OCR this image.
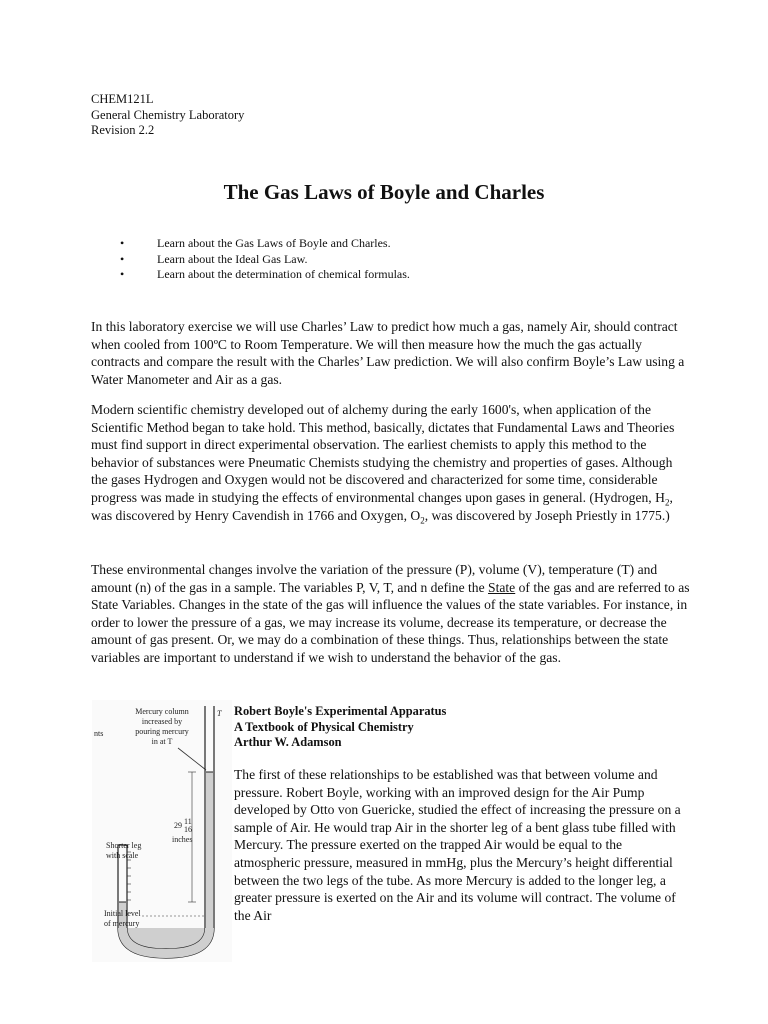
CHEM121L
General Chemistry Laboratory
Revision 2.2
The Gas Laws of Boyle and Charles
•	Learn about the Gas Laws of Boyle and Charles.
•	Learn about the Ideal Gas Law.
•	Learn about the determination of chemical formulas.

In this laboratory exercise we will use Charles’ Law to predict how much a gas, namely Air, should contract when cooled from 100ºC to Room Temperature. We will then measure how the much the gas actually contracts and compare the result with the Charles’ Law prediction. We will also confirm Boyle’s Law using a Water Manometer and Air as a gas.

Modern scientific chemistry developed out of alchemy during the early 1600's, when application of the Scientific Method began to take hold. This method, basically, dictates that Fundamental Laws and Theories must find support in direct experimental observation. The earliest chemists to apply this method to the behavior of substances were Pneumatic Chemists studying the chemistry and properties of gases. Although the gases Hydrogen and Oxygen would not be discovered and characterized for some time, considerable progress was made in studying the effects of environmental changes upon gases in general. (Hydrogen, $H_2$, was discovered by Henry Cavendish in 1766 and Oxygen, $O_2$, was discovered by Joseph Priestly in 1775.)

These environmental changes involve the variation of the pressure (P), volume (V), temperature (T) and amount (n) of the gas in a sample. The variables P, V, T, and n define the State of the gas and are referred to as State Variables. Changes in the state of the gas will influence the values of the state variables. For instance, in order to lower the pressure of a gas, we may increase its volume, decrease its temperature, or decrease the amount of gas present. Or, we may do a combination of these things. Thus, relationships between the state variables are important to understand if we wish to understand the behavior of the gas.

Mercury column
increased by
pouring mercury
in at T
nts
T
29 11
16
inches
Shorter leg
with scale
Initial level
of mercury
Robert Boyle's Experimental Apparatus
A Textbook of Physical Chemistry
Arthur W. Adamson

The first of these relationships to be established was that between volume and pressure. Robert Boyle, working with an improved design for the Air Pump developed by Otto von Guericke, studied the effect of increasing the pressure on a sample of Air. He would trap Air in the shorter leg of a bent glass tube filled with Mercury. The pressure exerted on the trapped Air would be equal to the atmospheric pressure, measured in mmHg, plus the Mercury’s height differential between the two legs of the tube. As more Mercury is added to the longer leg, a greater pressure is exerted on the Air and its volume will contract. The volume of the Air
